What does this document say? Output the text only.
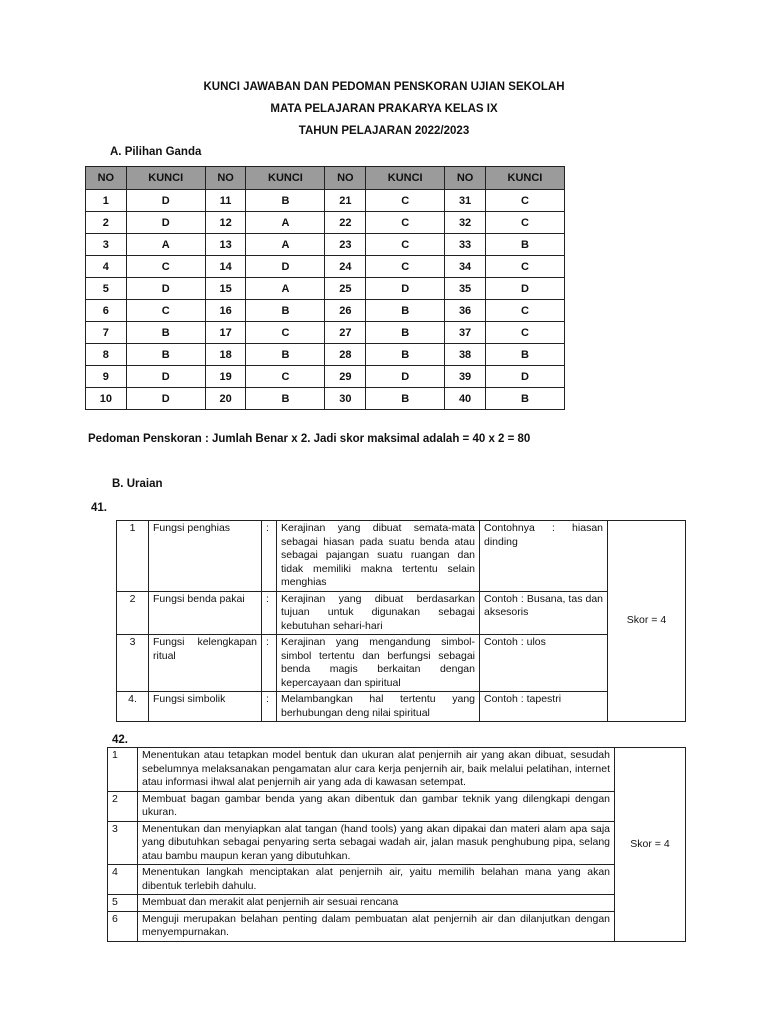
KUNCI JAWABAN DAN PEDOMAN PENSKORAN UJIAN SEKOLAH
MATA PELAJARAN PRAKARYA KELAS IX
TAHUN PELAJARAN 2022/2023
A. Pilihan Ganda
NO	KUNCI	NO	KUNCI	NO	KUNCI	NO	KUNCI
1	D	11	B	21	C	31	C
2	D	12	A	22	C	32	C
3	A	13	A	23	C	33	B
4	C	14	D	24	C	34	C
5	D	15	A	25	D	35	D
6	C	16	B	26	B	36	C
7	B	17	C	27	B	37	C
8	B	18	B	28	B	38	B
9	D	19	C	29	D	39	D
10	D	20	B	30	B	40	B
Pedoman Penskoran : Jumlah Benar x 2. Jadi skor maksimal adalah = 40 x 2 = 80
B. Uraian
41.
1	Fungsi penghias	:	Kerajinan yang dibuat semata-mata sebagai hiasan pada suatu benda atau sebagai pajangan suatu ruangan dan tidak memiliki makna tertentu selain menghias	Contohnya : hiasan dinding	Skor = 4
2	Fungsi benda pakai	:	Kerajinan yang dibuat berdasarkan tujuan untuk digunakan sebagai kebutuhan sehari-hari	Contoh : Busana, tas dan aksesoris	
3	Fungsi kelengkapan ritual	:	Kerajinan yang mengandung simbol-simbol tertentu dan berfungsi sebagai benda magis berkaitan dengan kepercayaan dan spiritual	Contoh : ulos	
4.	Fungsi simbolik	:	Melambangkan hal tertentu yang berhubungan deng nilai spiritual	Contoh : tapestri	
42.
1	Menentukan atau tetapkan model bentuk dan ukuran alat penjernih air yang akan dibuat, sesudah sebelumnya melaksanakan pengamatan alur cara kerja penjernih air, baik melalui pelatihan, internet atau informasi ihwal alat penjernih air yang ada di kawasan setempat.	Skor = 4
2	Membuat bagan gambar benda yang akan dibentuk dan gambar teknik yang dilengkapi dengan ukuran.	
3	Menentukan dan menyiapkan alat tangan (hand tools) yang akan dipakai dan materi alam apa saja yang dibutuhkan sebagai penyaring serta sebagai wadah air, jalan masuk penghubung pipa, selang atau bambu maupun keran yang dibutuhkan.	
4	Menentukan langkah menciptakan alat penjernih air, yaitu memilih belahan mana yang akan dibentuk terlebih dahulu.	
5	Membuat dan merakit alat penjernih air sesuai rencana	
6	Menguji merupakan belahan penting dalam pembuatan alat penjernih air dan dilanjutkan dengan menyempurnakan.	
